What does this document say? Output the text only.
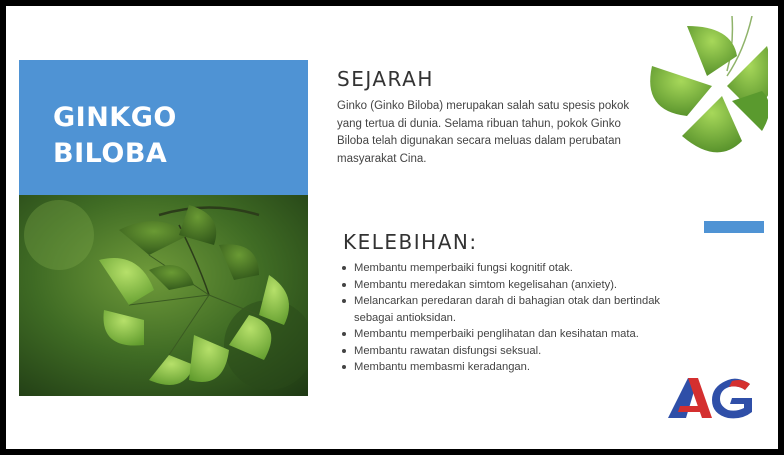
GINKGO
BILOBA
SEJARAH
Ginko (Ginko Biloba) merupakan salah satu spesis pokok yang tertua di dunia. Selama ribuan tahun, pokok Ginko Biloba telah digunakan secara meluas dalam perubatan masyarakat Cina.
KELEBIHAN:
Membantu memperbaiki fungsi kognitif otak.
Membantu meredakan simtom kegelisahan (anxiety).
Melancarkan peredaran darah di bahagian otak dan bertindak sebagai antioksidan.
Membantu memperbaiki penglihatan dan kesihatan mata.
Membantu rawatan disfungsi seksual.
Membantu membasmi keradangan.
